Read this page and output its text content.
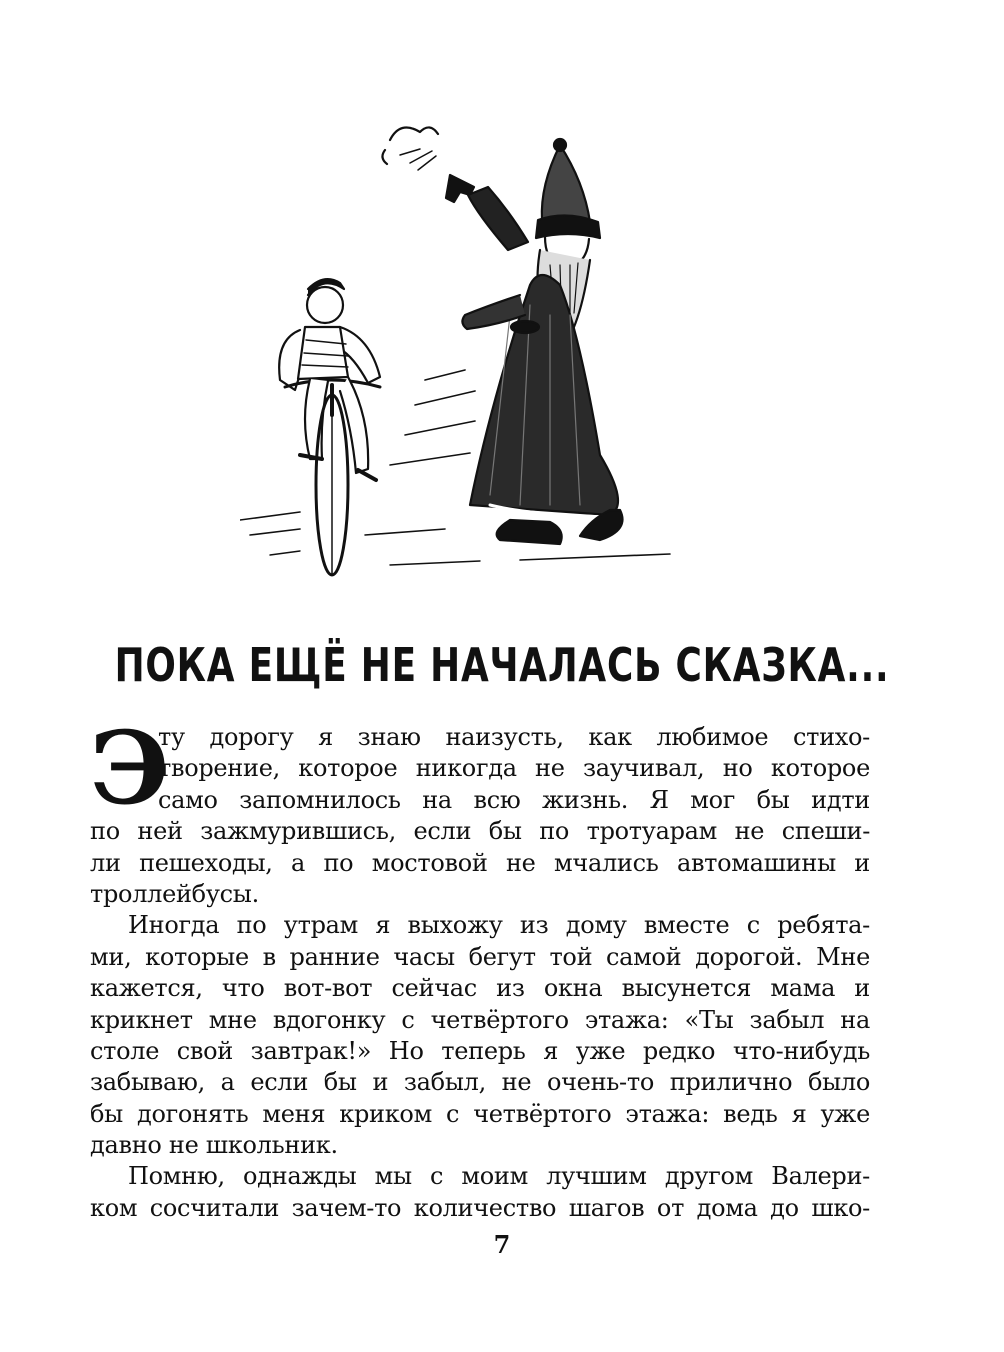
ПОКА ЕЩЁ НЕ НАЧАЛАСЬ СКАЗКА...
Э
ту дорогу я знаю наизусть, как любимое стихо-
творение, которое никогда не заучивал, но которое
само запомнилось на всю жизнь. Я мог бы идти
по ней зажмурившись, если бы по тротуарам не спеши-
ли пешеходы, а по мостовой не мчались автомашины и
троллейбусы.
Иногда по утрам я выхожу из дому вместе с ребята-
ми, которые в ранние часы бегут той самой дорогой. Мне
кажется, что вот-вот сейчас из окна высунется мама и
крикнет мне вдогонку с четвёртого этажа: «Ты забыл на
столе свой завтрак!» Но теперь я уже редко что-нибудь
забываю, а если бы и забыл, не очень-то прилично было
бы догонять меня криком с четвёртого этажа: ведь я уже
давно не школьник.
Помню, однажды мы с моим лучшим другом Валери-
ком сосчитали зачем-то количество шагов от дома до шко-
7
